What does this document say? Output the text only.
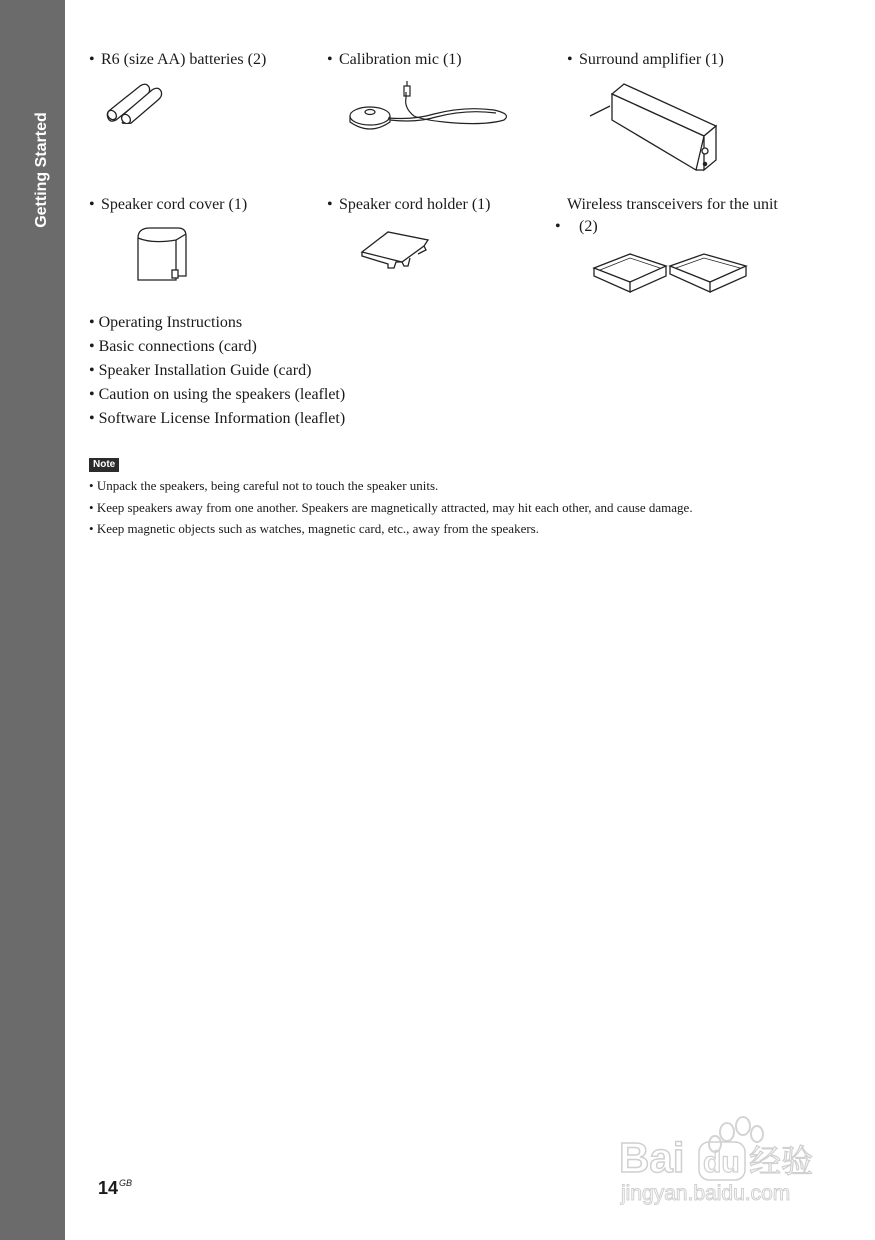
Getting Started
• R6 (size AA) batteries (2)	• Calibration mic (1)	• Surround amplifier (1)
• Speaker cord cover (1)	• Speaker cord holder (1)
•Wireless transceivers for the unit (2)
• Operating Instructions
• Basic connections (card)
• Speaker Installation Guide (card)
• Caution on using the speakers (leaflet)
• Software License Information (leaflet)
Note
• Unpack the speakers, being careful not to touch the speaker units.
• Keep speakers away from one another. Speakers are magnetically attracted, may hit each other, and cause damage.
• Keep magnetic objects such as watches, magnetic card, etc., away from the speakers.
$14^{GB}$
Bai du 经验
jingyan.baidu.com
